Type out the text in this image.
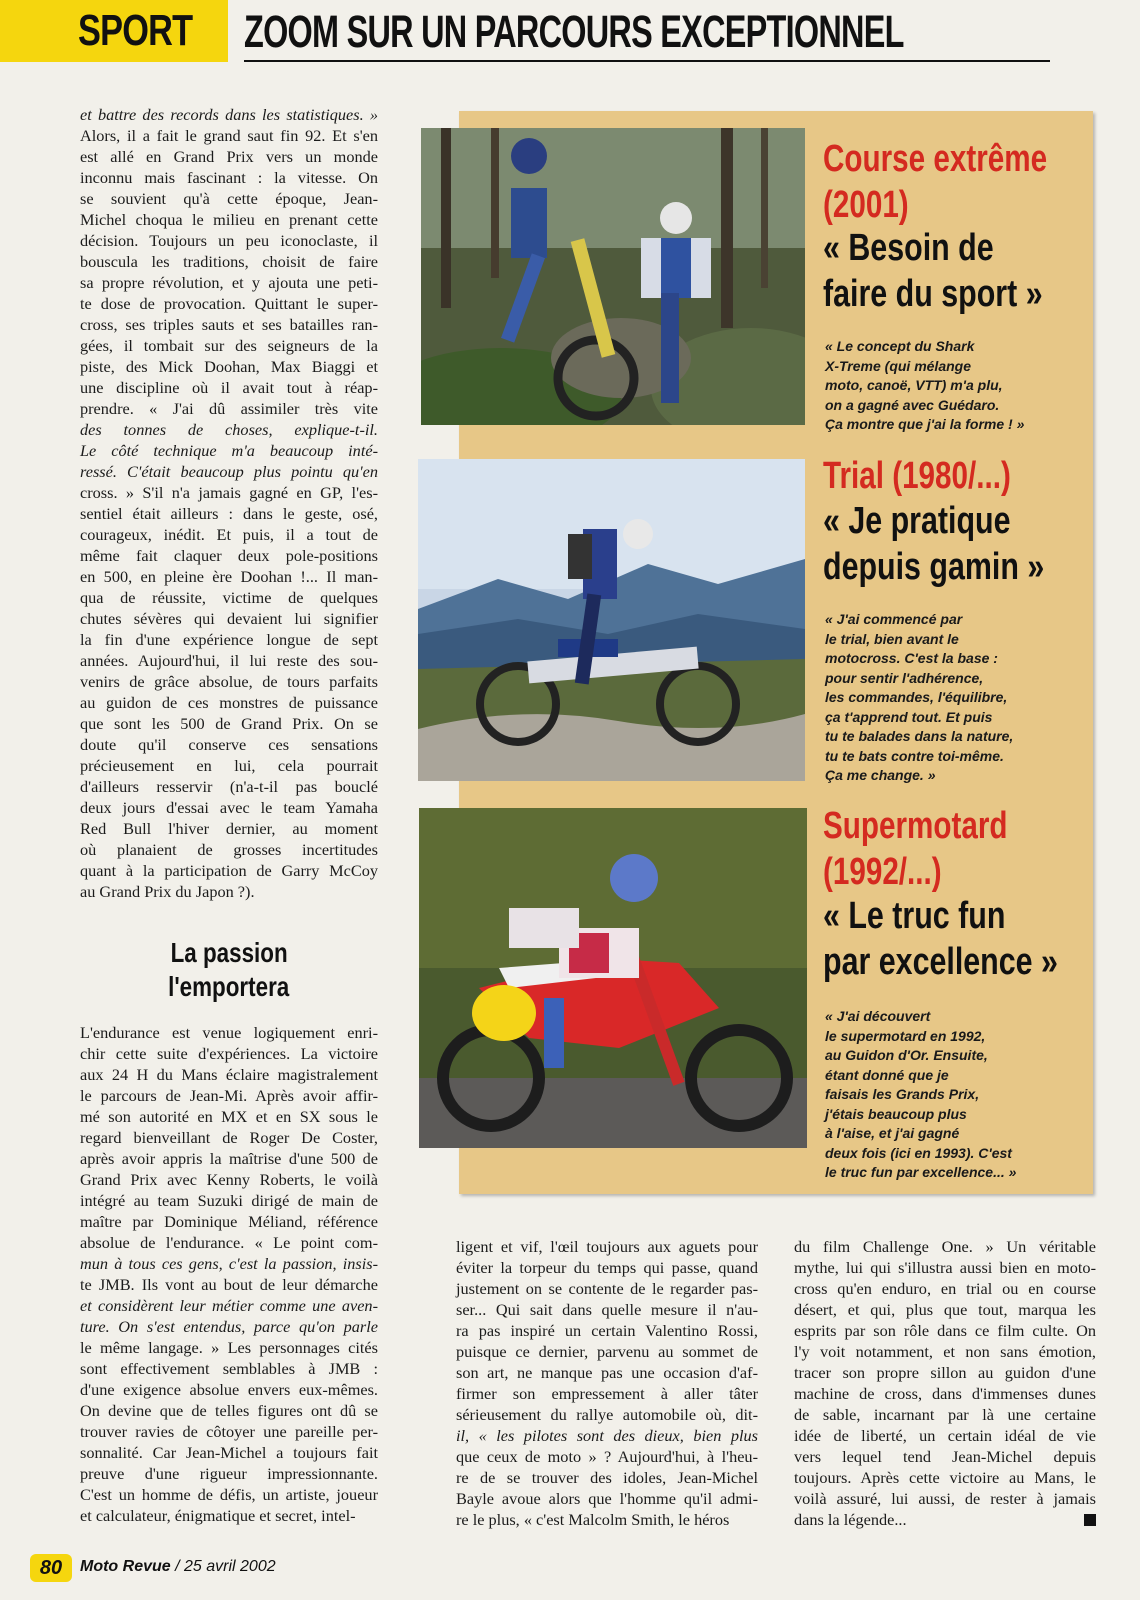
SPORT ZOOM SUR UN PARCOURS EXCEPTIONNEL
et battre des records dans les statistiques. »
Alors, il a fait le grand saut fin 92. Et s'en
est allé en Grand Prix vers un monde
inconnu mais fascinant : la vitesse. On
se souvient qu'à cette époque, Jean-
Michel choqua le milieu en prenant cette
décision. Toujours un peu iconoclaste, il
bouscula les traditions, choisit de faire
sa propre révolution, et y ajouta une peti-
te dose de provocation. Quittant le super-
cross, ses triples sauts et ses batailles ran-
gées, il tombait sur des seigneurs de la
piste, des Mick Doohan, Max Biaggi et
une discipline où il avait tout à réap-
prendre. « J'ai dû assimiler très vite
des tonnes de choses, explique-t-il.
Le côté technique m'a beaucoup inté-
ressé. C'était beaucoup plus pointu qu'en
cross. » S'il n'a jamais gagné en GP, l'es-
sentiel était ailleurs : dans le geste, osé,
courageux, inédit. Et puis, il a tout de
même fait claquer deux pole-positions
en 500, en pleine ère Doohan !... Il man-
qua de réussite, victime de quelques
chutes sévères qui devaient lui signifier
la fin d'une expérience longue de sept
années. Aujourd'hui, il lui reste des sou-
venirs de grâce absolue, de tours parfaits
au guidon de ces monstres de puissance
que sont les 500 de Grand Prix. On se
doute qu'il conserve ces sensations
précieusement en lui, cela pourrait
d'ailleurs resservir (n'a-t-il pas bouclé
deux jours d'essai avec le team Yamaha
Red Bull l'hiver dernier, au moment
où planaient de grosses incertitudes
quant à la participation de Garry McCoy
au Grand Prix du Japon ?).
La passion
l'emportera
L'endurance est venue logiquement enri-
chir cette suite d'expériences. La victoire
aux 24 H du Mans éclaire magistralement
le parcours de Jean-Mi. Après avoir affir-
mé son autorité en MX et en SX sous le
regard bienveillant de Roger De Coster,
après avoir appris la maîtrise d'une 500 de
Grand Prix avec Kenny Roberts, le voilà
intégré au team Suzuki dirigé de main de
maître par Dominique Méliand, référence
absolue de l'endurance. « Le point com-
mun à tous ces gens, c'est la passion, insis-
te JMB. Ils vont au bout de leur démarche
et considèrent leur métier comme une aven-
ture. On s'est entendus, parce qu'on parle
le même langage. » Les personnages cités
sont effectivement semblables à JMB :
d'une exigence absolue envers eux-mêmes.
On devine que de telles figures ont dû se
trouver ravies de côtoyer une pareille per-
sonnalité. Car Jean-Michel a toujours fait
preuve d'une rigueur impressionnante.
C'est un homme de défis, un artiste, joueur
et calculateur, énigmatique et secret, intel-
ligent et vif, l'œil toujours aux aguets pour
éviter la torpeur du temps qui passe, quand
justement on se contente de le regarder pas-
ser... Qui sait dans quelle mesure il n'au-
ra pas inspiré un certain Valentino Rossi,
puisque ce dernier, parvenu au sommet de
son art, ne manque pas une occasion d'af-
firmer son empressement à aller tâter
sérieusement du rallye automobile où, dit-
il, « les pilotes sont des dieux, bien plus
que ceux de moto » ? Aujourd'hui, à l'heu-
re de se trouver des idoles, Jean-Michel
Bayle avoue alors que l'homme qu'il admi-
re le plus, « c'est Malcolm Smith, le héros
du film Challenge One. » Un véritable
mythe, lui qui s'illustra aussi bien en moto-
cross qu'en enduro, en trial ou en course
désert, et qui, plus que tout, marqua les
esprits par son rôle dans ce film culte. On
l'y voit notamment, et non sans émotion,
tracer son propre sillon au guidon d'une
machine de cross, dans d'immenses dunes
de sable, incarnant par là une certaine
idée de liberté, un certain idéal de vie
vers lequel tend Jean-Michel depuis
toujours. Après cette victoire au Mans, le
voilà assuré, lui aussi, de rester à jamais
dans la légende...
Course extrême
(2001)
« Besoin de
faire du sport »
« Le concept du Shark
X-Treme (qui mélange
moto, canoë, VTT) m'a plu,
on a gagné avec Guédaro.
Ça montre que j'ai la forme ! »
Trial (1980/...)
« Je pratique
depuis gamin »
« J'ai commencé par
le trial, bien avant le
motocross. C'est la base :
pour sentir l'adhérence,
les commandes, l'équilibre,
ça t'apprend tout. Et puis
tu te balades dans la nature,
tu te bats contre toi-même.
Ça me change. »
Supermotard
(1992/...)
« Le truc fun
par excellence »
« J'ai découvert
le supermotard en 1992,
au Guidon d'Or. Ensuite,
étant donné que je
faisais les Grands Prix,
j'étais beaucoup plus
à l'aise, et j'ai gagné
deux fois (ici en 1993). C'est
le truc fun par excellence... »
80	Moto Revue / 25 avril 2002
